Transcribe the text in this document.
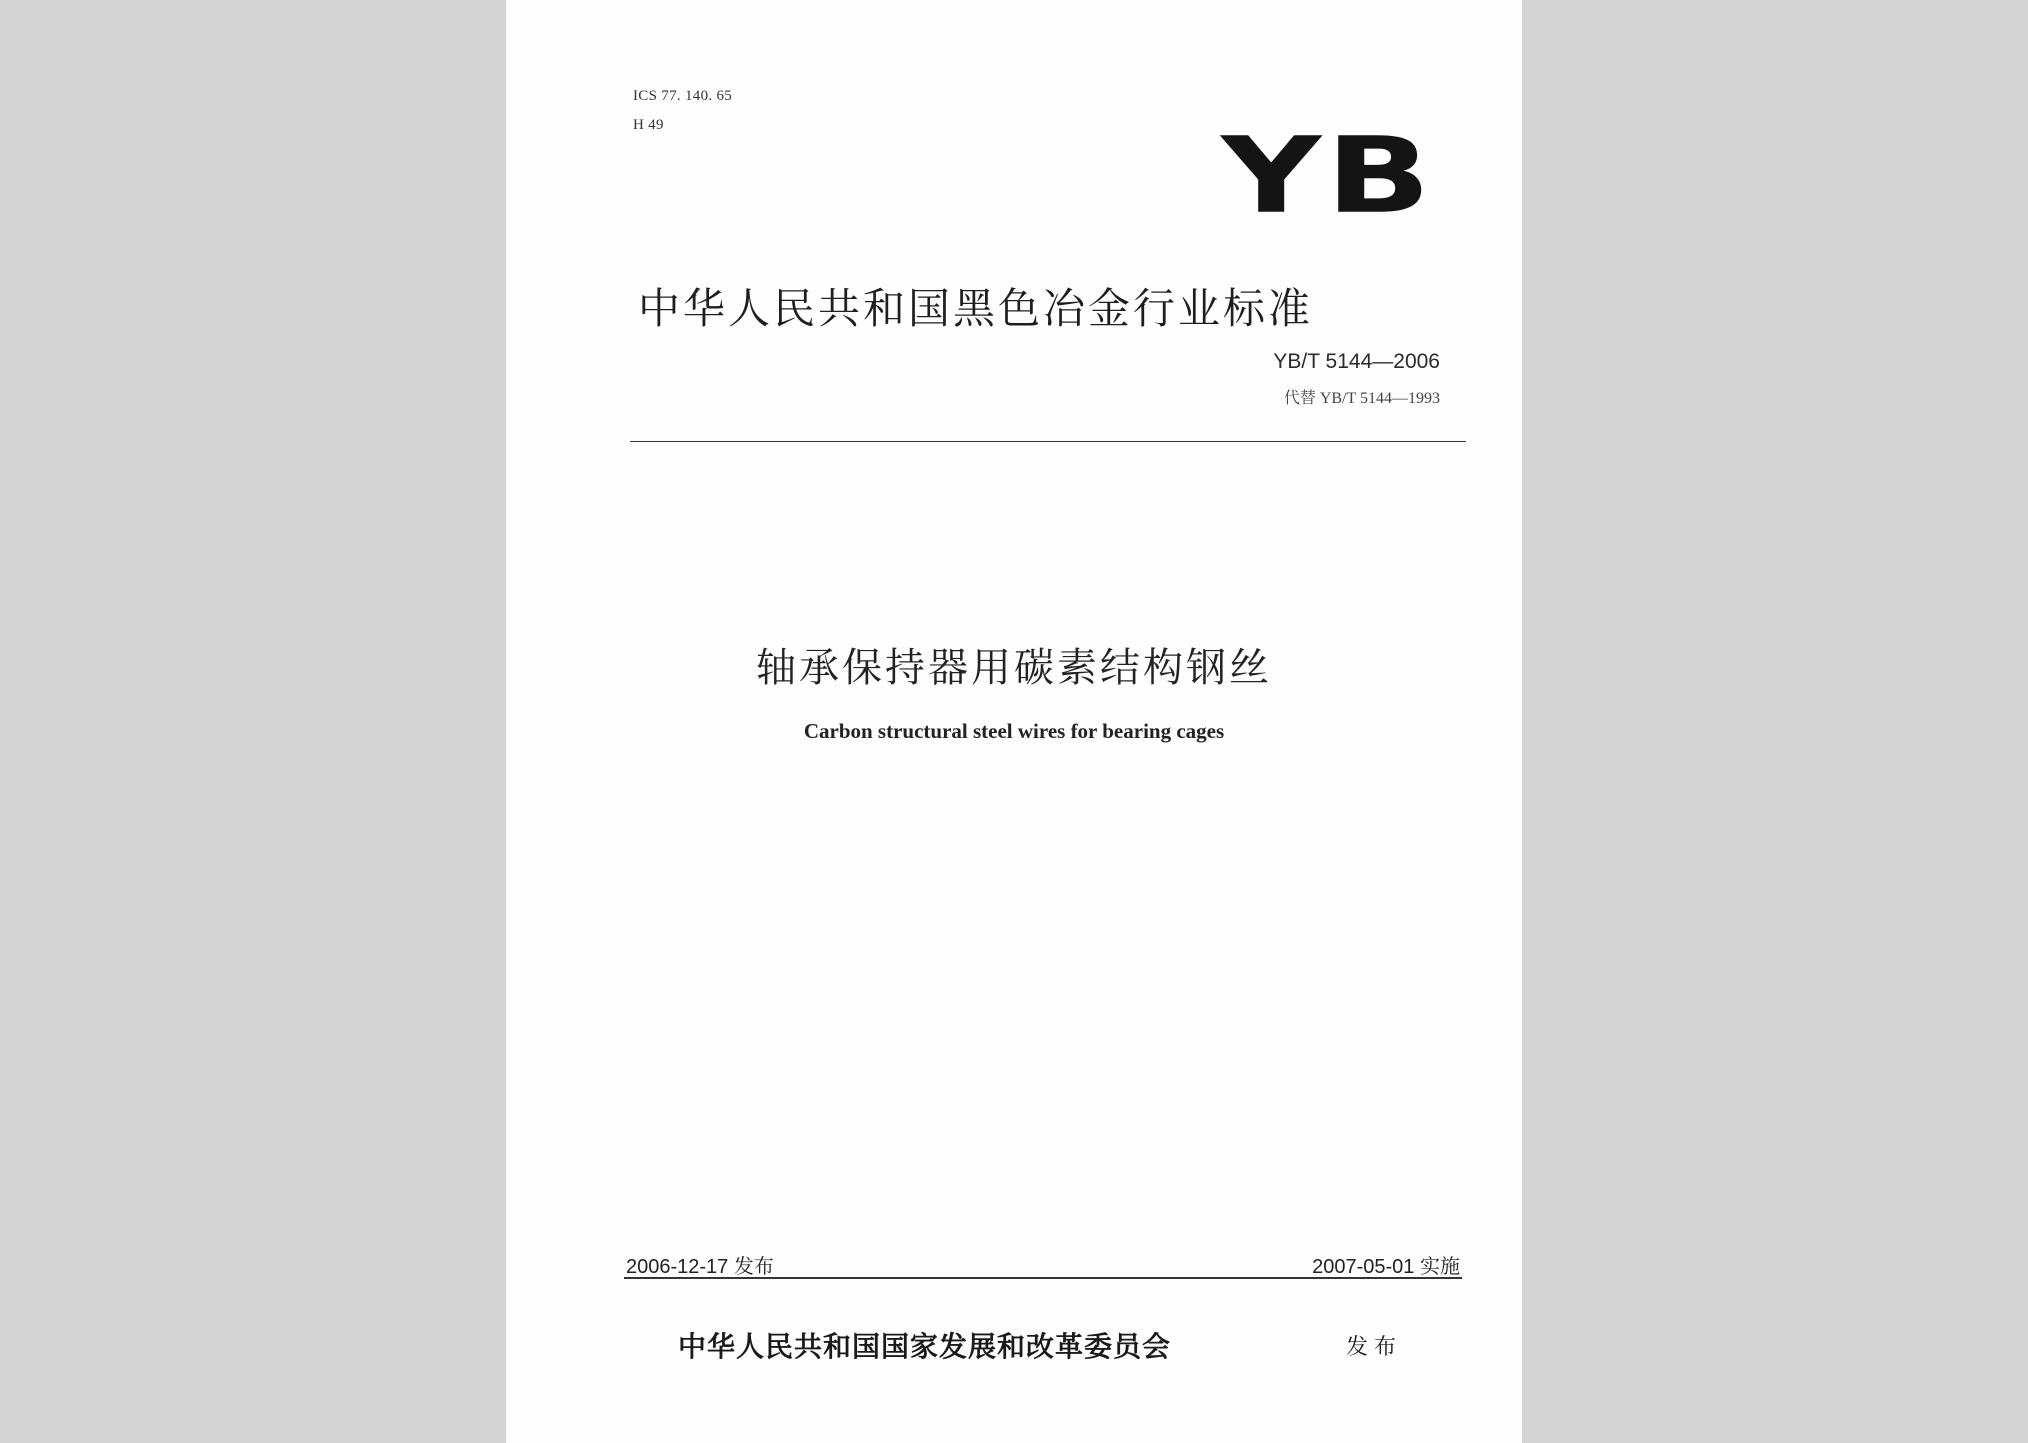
ICS 77. 140. 65
H 49	YB
中华人民共和国黑色冶金行业标准
YB/T 5144—2006
代替 YB/T 5144—1993
轴承保持器用碳素结构钢丝
Carbon structural steel wires for bearing cages
2006-12-17 发布	2007-05-01 实施
中华人民共和国国家发展和改革委员会	发布
